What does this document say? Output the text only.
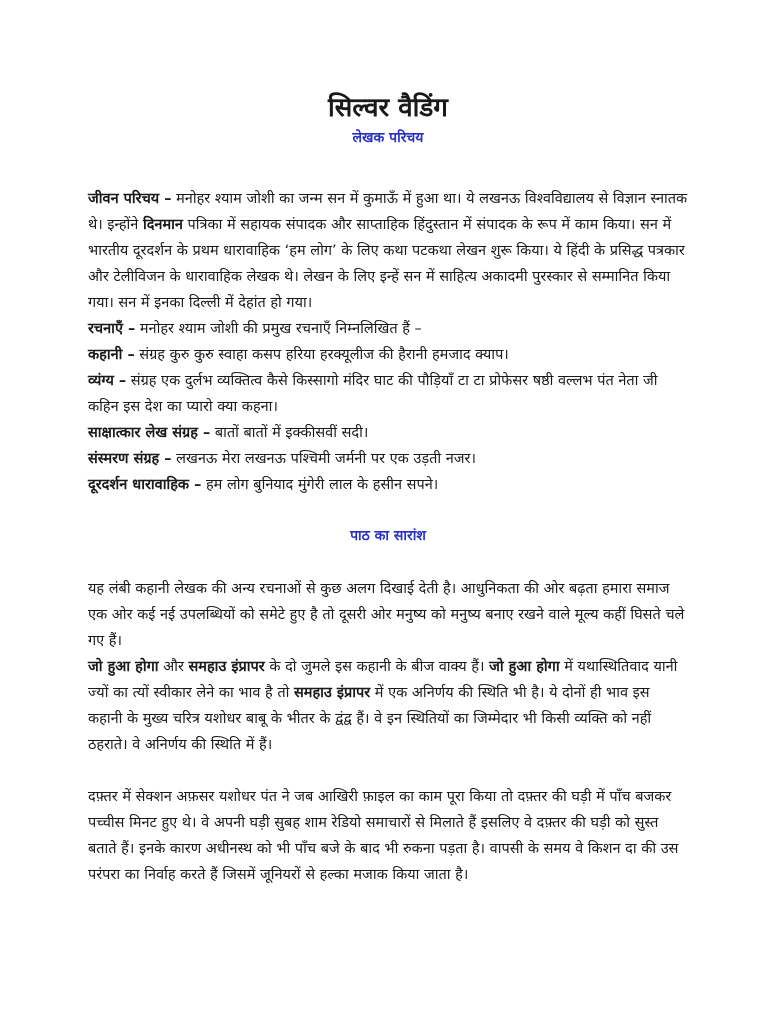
सिल्वर वैडिंग
लेखक परिचय

जीवन परिचय – मनोहर श्याम जोशी का जन्म सन में कुमाऊँ में हुआ था। ये लखनऊ विश्वविद्यालय से विज्ञान स्नातक थे। इन्होंने दिनमान पत्रिका में सहायक संपादक और साप्ताहिक हिंदुस्तान में संपादक के रूप में काम किया। सन में भारतीय दूरदर्शन के प्रथम धारावाहिक ‘हम लोग’ के लिए कथा पटकथा लेखन शुरू किया। ये हिंदी के प्रसिद्ध पत्रकार और टेलीविजन के धारावाहिक लेखक थे। लेखन के लिए इन्हें सन में साहित्य अकादमी पुरस्कार से सम्मानित किया गया। सन में इनका दिल्ली में देहांत हो गया।

रचनाएँ – मनोहर श्याम जोशी की प्रमुख रचनाएँ निम्नलिखित हैं –

कहानी – संग्रह कुरु कुरु स्वाहा कसप हरिया हरक्यूलीज की हैरानी हमजाद क्याप।

व्यंग्य – संग्रह एक दुर्लभ व्यक्तित्व कैसे किस्सागो मंदिर घाट की पौड़ियाँ टा टा प्रोफेसर षष्ठी वल्लभ पंत नेता जी कहिन इस देश का प्यारो क्या कहना।

साक्षात्कार लेख संग्रह – बातों बातों में इक्कीसवीं सदी।

संस्मरण संग्रह – लखनऊ मेरा लखनऊ पश्चिमी जर्मनी पर एक उड़ती नजर।

दूरदर्शन धारावाहिक – हम लोग बुनियाद मुंगेरी लाल के हसीन सपने।

पाठ का सारांश

यह लंबी कहानी लेखक की अन्य रचनाओं से कुछ अलग दिखाई देती है। आधुनिकता की ओर बढ़ता हमारा समाज एक ओर कई नई उपलब्धियों को समेटे हुए है तो दूसरी ओर मनुष्य को मनुष्य बनाए रखने वाले मूल्य कहीं घिसते चले गए हैं।

जो हुआ होगा और समहाउ इंप्रापर के दो जुमले इस कहानी के बीज वाक्य हैं। जो हुआ होगा में यथास्थितिवाद यानी ज्यों का त्यों स्वीकार लेने का भाव है तो समहाउ इंप्रापर में एक अनिर्णय की स्थिति भी है। ये दोनों ही भाव इस कहानी के मुख्य चरित्र यशोधर बाबू के भीतर के द्वंद्व हैं। वे इन स्थितियों का जिम्मेदार भी किसी व्यक्ति को नहीं ठहराते। वे अनिर्णय की स्थिति में हैं।

दफ़्तर में सेक्शन अफ़सर यशोधर पंत ने जब आखिरी फ़ाइल का काम पूरा किया तो दफ़्तर की घड़ी में पाँच बजकर पच्चीस मिनट हुए थे। वे अपनी घड़ी सुबह शाम रेडियो समाचारों से मिलाते हैं इसलिए वे दफ़्तर की घड़ी को सुस्त बताते हैं। इनके कारण अधीनस्थ को भी पाँच बजे के बाद भी रुकना पड़ता है। वापसी के समय वे किशन दा की उस परंपरा का निर्वाह करते हैं जिसमें जूनियरों से हल्का मजाक किया जाता है।
